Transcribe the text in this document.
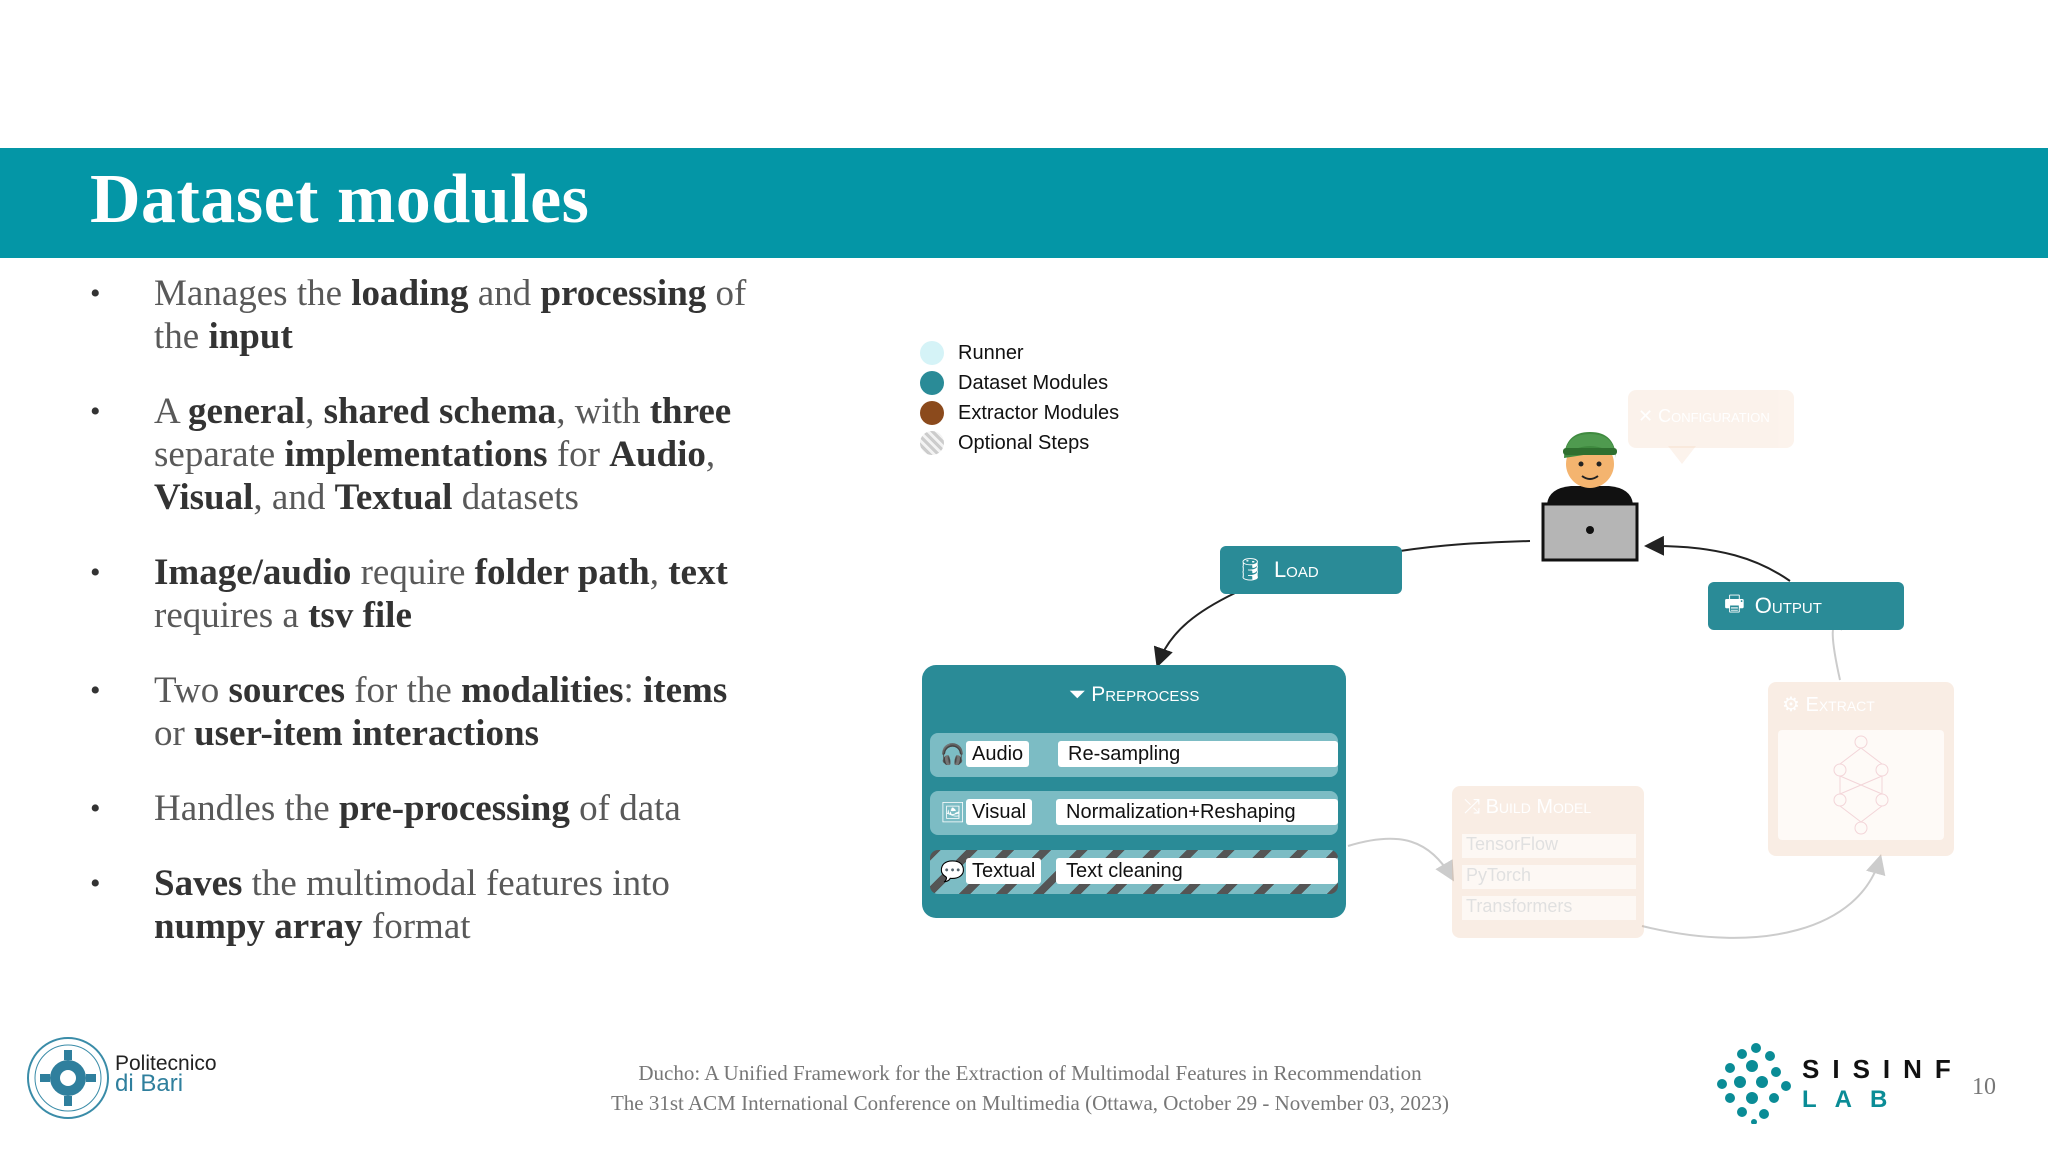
Dataset modules
• Manages the loading and processing of the input
• A general, shared schema, with three separate implementations for Audio, Visual, and Textual datasets
• Image/audio require folder path, text requires a tsv file
• Two sources for the modalities: items or user-item interactions
• Handles the pre-processing of data
• Saves the multimodal features into numpy array format
Runner
Dataset Modules
Extractor Modules
Optional Steps
✕ Configuration
🛢 Load
🖶 Output
⏷ Preprocess
🎧 Audio	Re-sampling
🖼 Visual	Normalization+Reshaping
💬 Textual	Text cleaning
⤮ Build Model
TensorFlow
PyTorch
Transformers
⚙ Extract
Politecnico
di Bari	Ducho: A Unified Framework for the Extraction of Multimodal Features in Recommendation
The 31st ACM International Conference on Multimedia (Ottawa, October 29 - November 03, 2023)
SISINF
LAB	10
